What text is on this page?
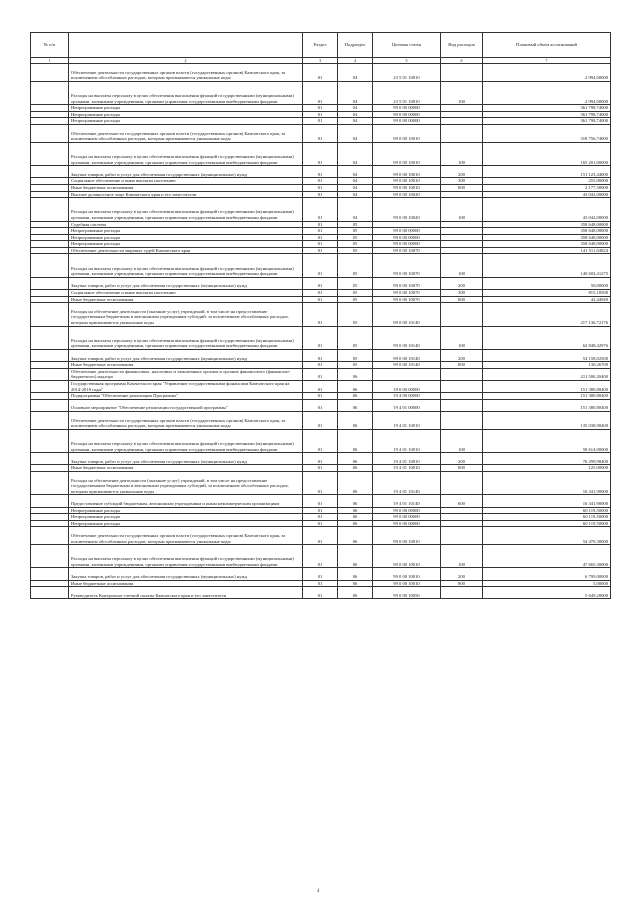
№ п/п		Раздел	Подраздел	Целевая статья	Вид расходов	Плановый объем ассигнований
1	2	3	4	5	6	7
	Обеспечение деятельности государственных органов власти (государственных органов) Камчатского края, за исключением обособленных расходов, которым присваиваются уникальные коды	01	04	23 5 01 10010		2 994,00000
	Расходы на выплаты персоналу в целях обеспечения выполнения функций государственными (муниципальными) органами, казенными учреждениями, органами управления государственными внебюджетными фондами	01	04	23 5 01 10010	100	2 994,00000
	Непрограммные расходы	01	04	99 0 00 00000		361 798,74000
	Непрограммные расходы	01	04	99 0 00 00000		361 798,74000
	Непрограммные расходы	01	04	99 0 00 00000		361 798,74000
	Обеспечение деятельности государственных органов власти (государственных органов) Камчатского края, за исключением обособленных расходов, которым присваиваются уникальные коды	01	04	99 0 00 10010		318 756,74000
	Расходы на выплаты персоналу в целях обеспечения выполнения функций государственными (муниципальными) органами, казенными учреждениями, органами управления государственными внебюджетными фондами	01	04	99 0 00 10010	100	165 201,00000
	Закупка товаров, работ и услуг для обеспечения государственных (муниципальных) нужд	01	04	99 0 00 10010	200	151 123,44000
	Социальное обеспечение и иные выплаты населению	01	04	99 0 00 10010	300	255,00000
	Иные бюджетные ассигнования	01	04	99 0 00 10010	800	2 177,30000
	Высшее должностное лицо Камчатского края и его заместители	01	04	99 0 00 10020		43 042,00000
	Расходы на выплаты персоналу в целях обеспечения выполнения функций государственными (муниципальными) органами, казенными учреждениями, органами управления государственными внебюджетными фондами	01	04	99 0 00 10020	100	43 042,00000
	Судебная система	01	05			358 648,00000
	Непрограммные расходы	01	05	99 0 00 00000		358 648,00000
	Непрограммные расходы	01	05	99 0 00 00000		358 648,00000
	Непрограммные расходы	01	05	99 0 00 00000		358 648,00000
	Обеспечение деятельности мировых судей Камчатского края	01	05	99 0 00 10070		141 511,04824
	Расходы на выплаты персоналу в целях обеспечения выполнения функций государственными (муниципальными) органами, казенными учреждениями, органами управления государственными внебюджетными фондами	01	05	99 0 00 10070	100	140 603,41275
	Закупка товаров, работ и услуг для обеспечения государственных (муниципальных) нужд	01	05	99 0 00 10070	200	50,00000
	Социальное обеспечение и иные выплаты населению	01	05	99 0 00 10070	300	815,18500
	Иные бюджетные ассигнования	01	05	99 0 00 10070	800	42,44949
	Расходы на обеспечение деятельности (оказание услуг) учреждений, в том числе на предоставление государственным бюджетным и автономным учреждениям субсидий, за исключением обособленных расходов, которым присваиваются уникальные коды	01	05	99 0 00 10140		217 136,72176
	Расходы на выплаты персоналу в целях обеспечения выполнения функций государственными (муниципальными) органами, казенными учреждениями, органами управления государственными внебюджетными фондами	01	05	99 0 00 10140	100	62 848,42976
	Закупка товаров, работ и услуг для обеспечения государственных (муниципальных) нужд	01	05	99 0 00 10140	200	54 158,02500
	Иные бюджетные ассигнования	01	05	99 0 00 10140	800	130,26700
	Обеспечение деятельности финансовых, налоговых и таможенных органов и органов финансового (финансово-бюджетного) надзора	01	06			211 500,20400
	Государственная программа Камчатского края "Управление государственными финансами Камчатского края на 2014-2018 годы"	01	06	19 0 00 00000		151 380,80400
	Подпрограмма "Обеспечение реализации Программы"	01	06	19 4 00 00000		151 380,80400
	Основное мероприятие "Обеспечение реализации государственной программы"	01	06	19 4 01 00000		151 380,80400
	Обеспечение деятельности государственных органов власти (государственных органов) Камчатского края, за исключением обособленных расходов, которым присваиваются уникальные коды	01	06	19 4 01 10010		135 038,90400
	Расходы на выплаты персоналу в целях обеспечения выполнения функций государственными (муниципальными) органами, казенными учреждениями, органами управления государственными внебюджетными фондами	01	06	19 4 01 10010	100	58 614,00000
	Закупка товаров, работ и услуг для обеспечения государственных (муниципальных) нужд	01	06	19 4 01 10010	200	76 299,90400
	Иные бюджетные ассигнования	01	06	19 4 01 10010	800	125,00000
	Расходы на обеспечение деятельности (оказание услуг) учреждений, в том числе на предоставление государственным бюджетным и автономным учреждениям субсидий, за исключением обособленных расходов, которым присваиваются уникальные коды	01	06	19 4 01 10140		16 341,90000
	Предоставление субсидий бюджетным, автономным учреждениям и иным некоммерческим организациям	01	06	19 4 01 10140	600	16 341,90000
	Непрограммные расходы	01	06	99 0 00 00000		60 119,50000
	Непрограммные расходы	01	06	99 0 00 00000		60 119,50000
	Непрограммные расходы	01	06	99 0 00 00000		60 119,50000
	Обеспечение деятельности государственных органов власти (государственных органов) Камчатского края, за исключением обособленных расходов, которым присваиваются уникальные коды	01	06	99 0 00 10010		54 470,30000
	Расходы на выплаты персоналу в целях обеспечения выполнения функций государственными (муниципальными) органами, казенными учреждениями, органами управления государственными внебюджетными фондами	01	06	99 0 00 10010	100	47 665,30000
	Закупка товаров, работ и услуг для обеспечения государственных (муниципальных) нужд	01	06	99 0 00 10010	200	6 799,00000
	Иные бюджетные ассигнования	01	06	99 0 00 10010	800	5,00000
	Руководитель Контрольно-счетной палаты Камчатского края и его заместители	01	06	99 0 00 10050		5 649,20000
4
